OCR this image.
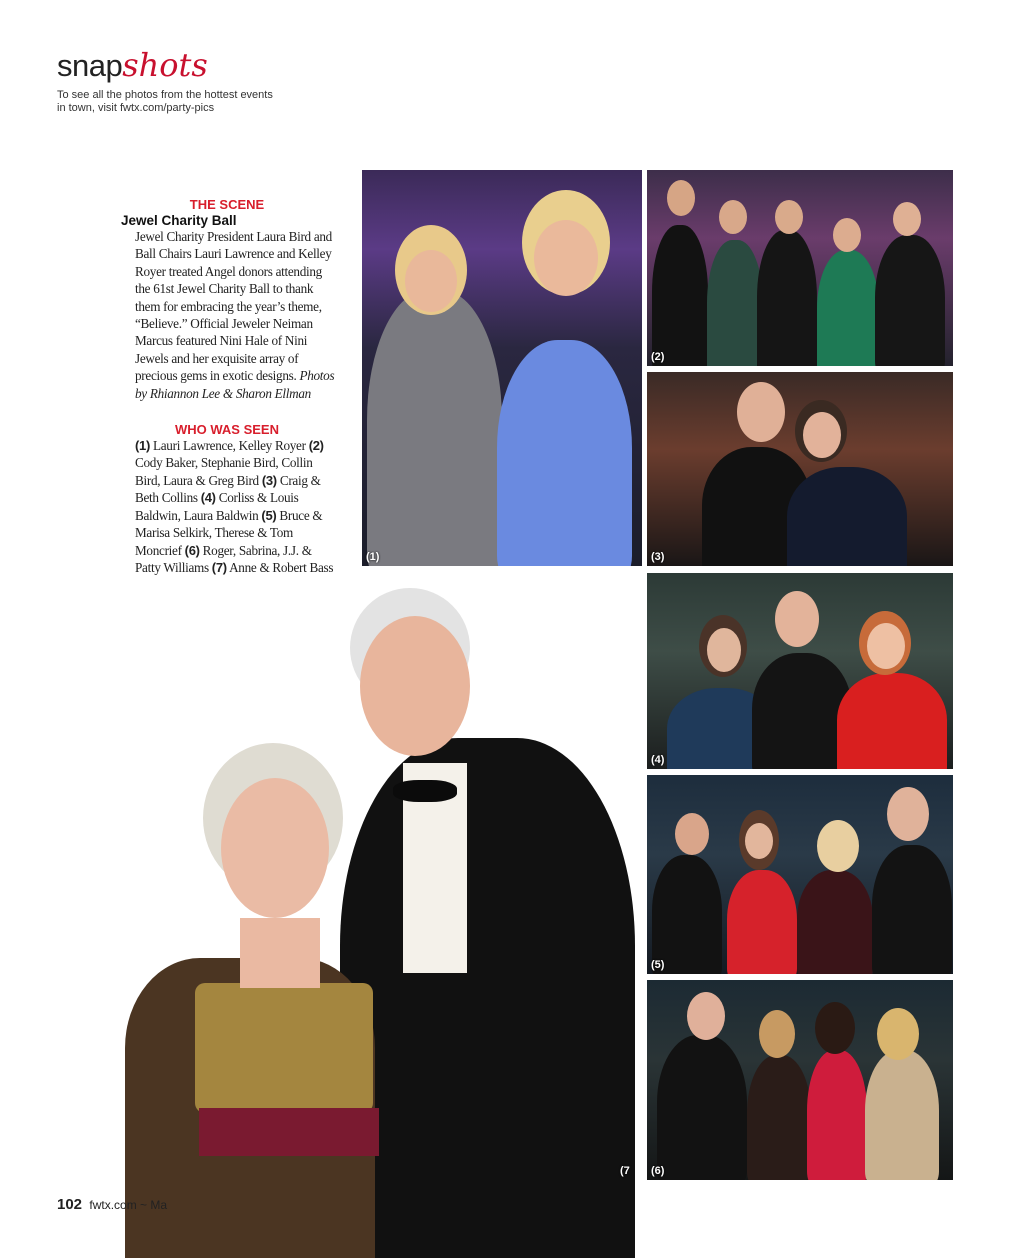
snapshots
To see all the photos from the hottest events
in town, visit fwtx.com/party-pics
THE SCENE
Jewel Charity Ball
Jewel Charity President Laura Bird and Ball Chairs Lauri Lawrence and Kelley Royer treated Angel donors attending the 61st Jewel Charity Ball to thank them for embracing the year’s theme, “Believe.” Official Jeweler Neiman Marcus featured Nini Hale of Nini Jewels and her exquisite array of precious gems in exotic designs. Photos by Rhiannon Lee & Sharon Ellman
WHO WAS SEEN
(1) Lauri Lawrence, Kelley Royer (2) Cody Baker, Stephanie Bird, Collin Bird, Laura & Greg Bird (3) Craig & Beth Collins (4) Corliss & Louis Baldwin, Laura Baldwin (5) Bruce & Marisa Selkirk, Therese & Tom Moncrief (6) Roger, Sabrina, J.J. & Patty Williams (7) Anne & Robert Bass
(1)
(2)
(3)
(4)
(5)
(6)
(7
102 fwtx.com ~ Ma
